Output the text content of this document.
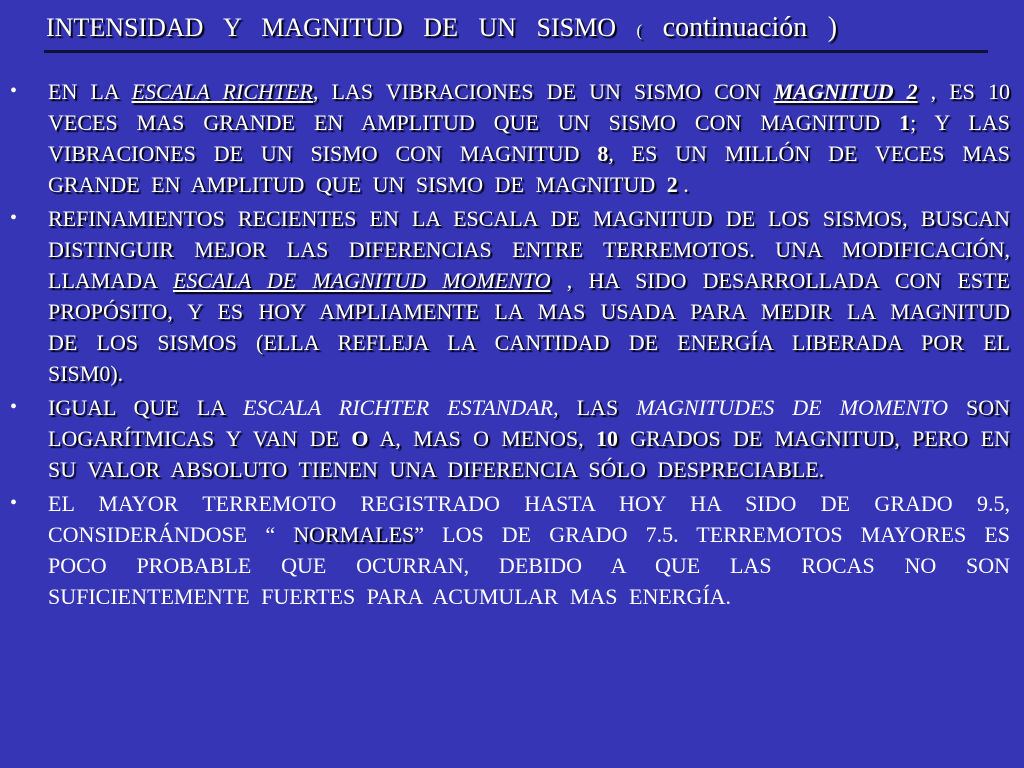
INTENSIDAD Y MAGNITUD DE UN SISMO ( continuación )
•	EN LA ESCALA RICHTER, LAS VIBRACIONES DE UN SISMO CON MAGNITUD 2 , ES 10 VECES MAS GRANDE EN AMPLITUD QUE UN SISMO CON MAGNITUD 1; Y LAS VIBRACIONES DE UN SISMO CON MAGNITUD 8, ES UN MILLÓN DE VECES MAS GRANDE EN AMPLITUD QUE UN SISMO DE MAGNITUD 2 .
•	REFINAMIENTOS RECIENTES EN LA ESCALA DE MAGNITUD DE LOS SISMOS, BUSCAN DISTINGUIR MEJOR LAS DIFERENCIAS ENTRE TERREMOTOS. UNA MODIFICACIÓN, LLAMADA ESCALA DE MAGNITUD MOMENTO , HA SIDO DESARROLLADA CON ESTE PROPÓSITO, Y ES HOY AMPLIAMENTE LA MAS USADA PARA MEDIR LA MAGNITUD DE LOS SISMOS (ELLA REFLEJA LA CANTIDAD DE ENERGÍA LIBERADA POR EL SISM0).
•	IGUAL QUE LA ESCALA RICHTER ESTANDAR, LAS MAGNITUDES DE MOMENTO SON LOGARÍTMICAS Y VAN DE O A, MAS O MENOS, 10 GRADOS DE MAGNITUD, PERO EN SU VALOR ABSOLUTO TIENEN UNA DIFERENCIA SÓLO DESPRECIABLE.
•	EL MAYOR TERREMOTO REGISTRADO HASTA HOY HA SIDO DE GRADO 9.5, CONSIDERÁNDOSE “ NORMALES” LOS DE GRADO 7.5. TERREMOTOS MAYORES ES POCO PROBABLE QUE OCURRAN, DEBIDO A QUE LAS ROCAS NO SON SUFICIENTEMENTE FUERTES PARA ACUMULAR MAS ENERGÍA.
